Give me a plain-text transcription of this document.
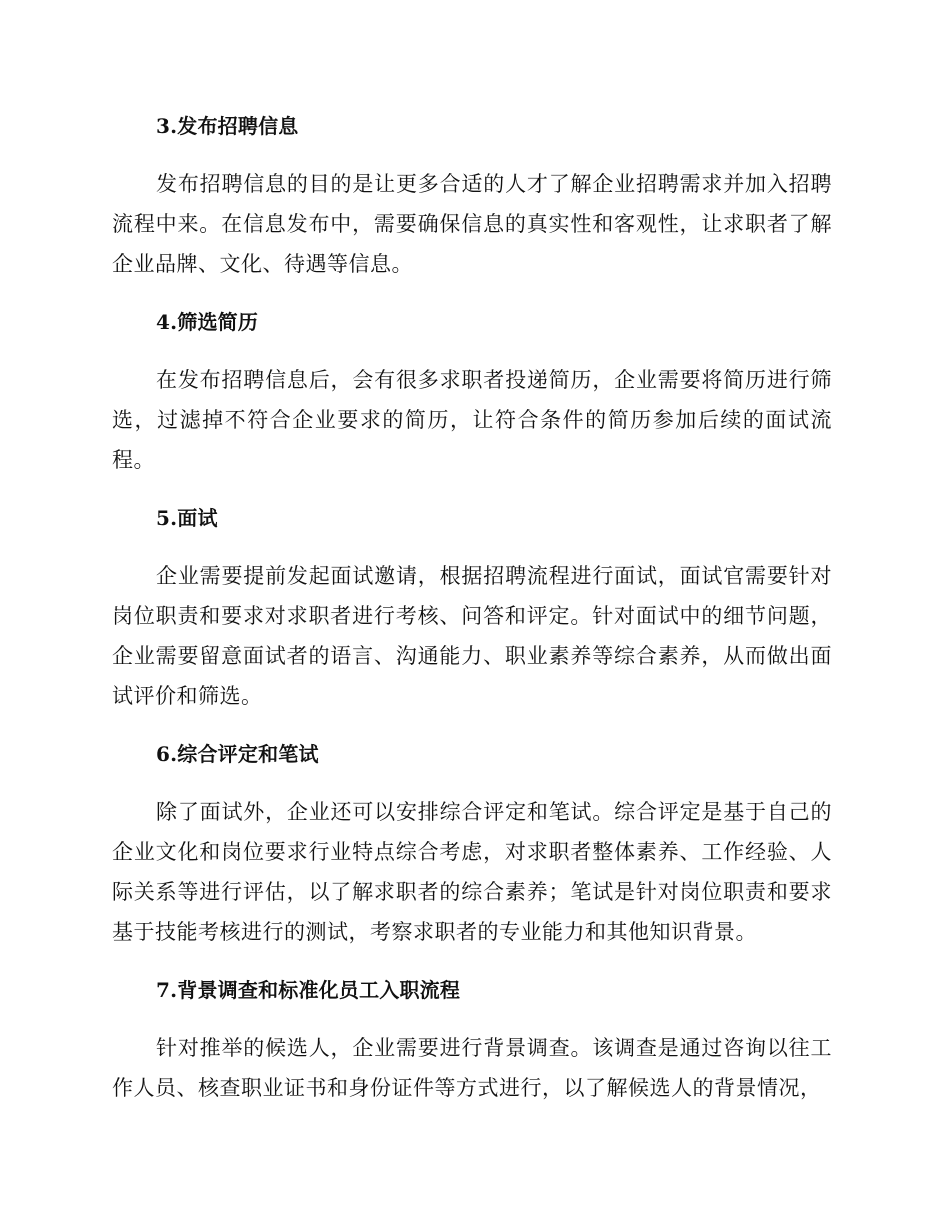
3.发布招聘信息

发布招聘信息的目的是让更多合适的人才了解企业招聘需求并加入招聘流程中来。在信息发布中，需要确保信息的真实性和客观性，让求职者了解企业品牌、文化、待遇等信息。

4.筛选简历

在发布招聘信息后，会有很多求职者投递简历，企业需要将简历进行筛选，过滤掉不符合企业要求的简历，让符合条件的简历参加后续的面试流程。

5.面试

企业需要提前发起面试邀请，根据招聘流程进行面试，面试官需要针对岗位职责和要求对求职者进行考核、问答和评定。针对面试中的细节问题，企业需要留意面试者的语言、沟通能力、职业素养等综合素养，从而做出面试评价和筛选。

6.综合评定和笔试

除了面试外，企业还可以安排综合评定和笔试。综合评定是基于自己的企业文化和岗位要求行业特点综合考虑，对求职者整体素养、工作经验、人际关系等进行评估，以了解求职者的综合素养；笔试是针对岗位职责和要求基于技能考核进行的测试，考察求职者的专业能力和其他知识背景。

7.背景调查和标准化员工入职流程

针对推举的候选人，企业需要进行背景调查。该调查是通过咨询以往工作人员、核查职业证书和身份证件等方式进行，以了解候选人的背景情况，
